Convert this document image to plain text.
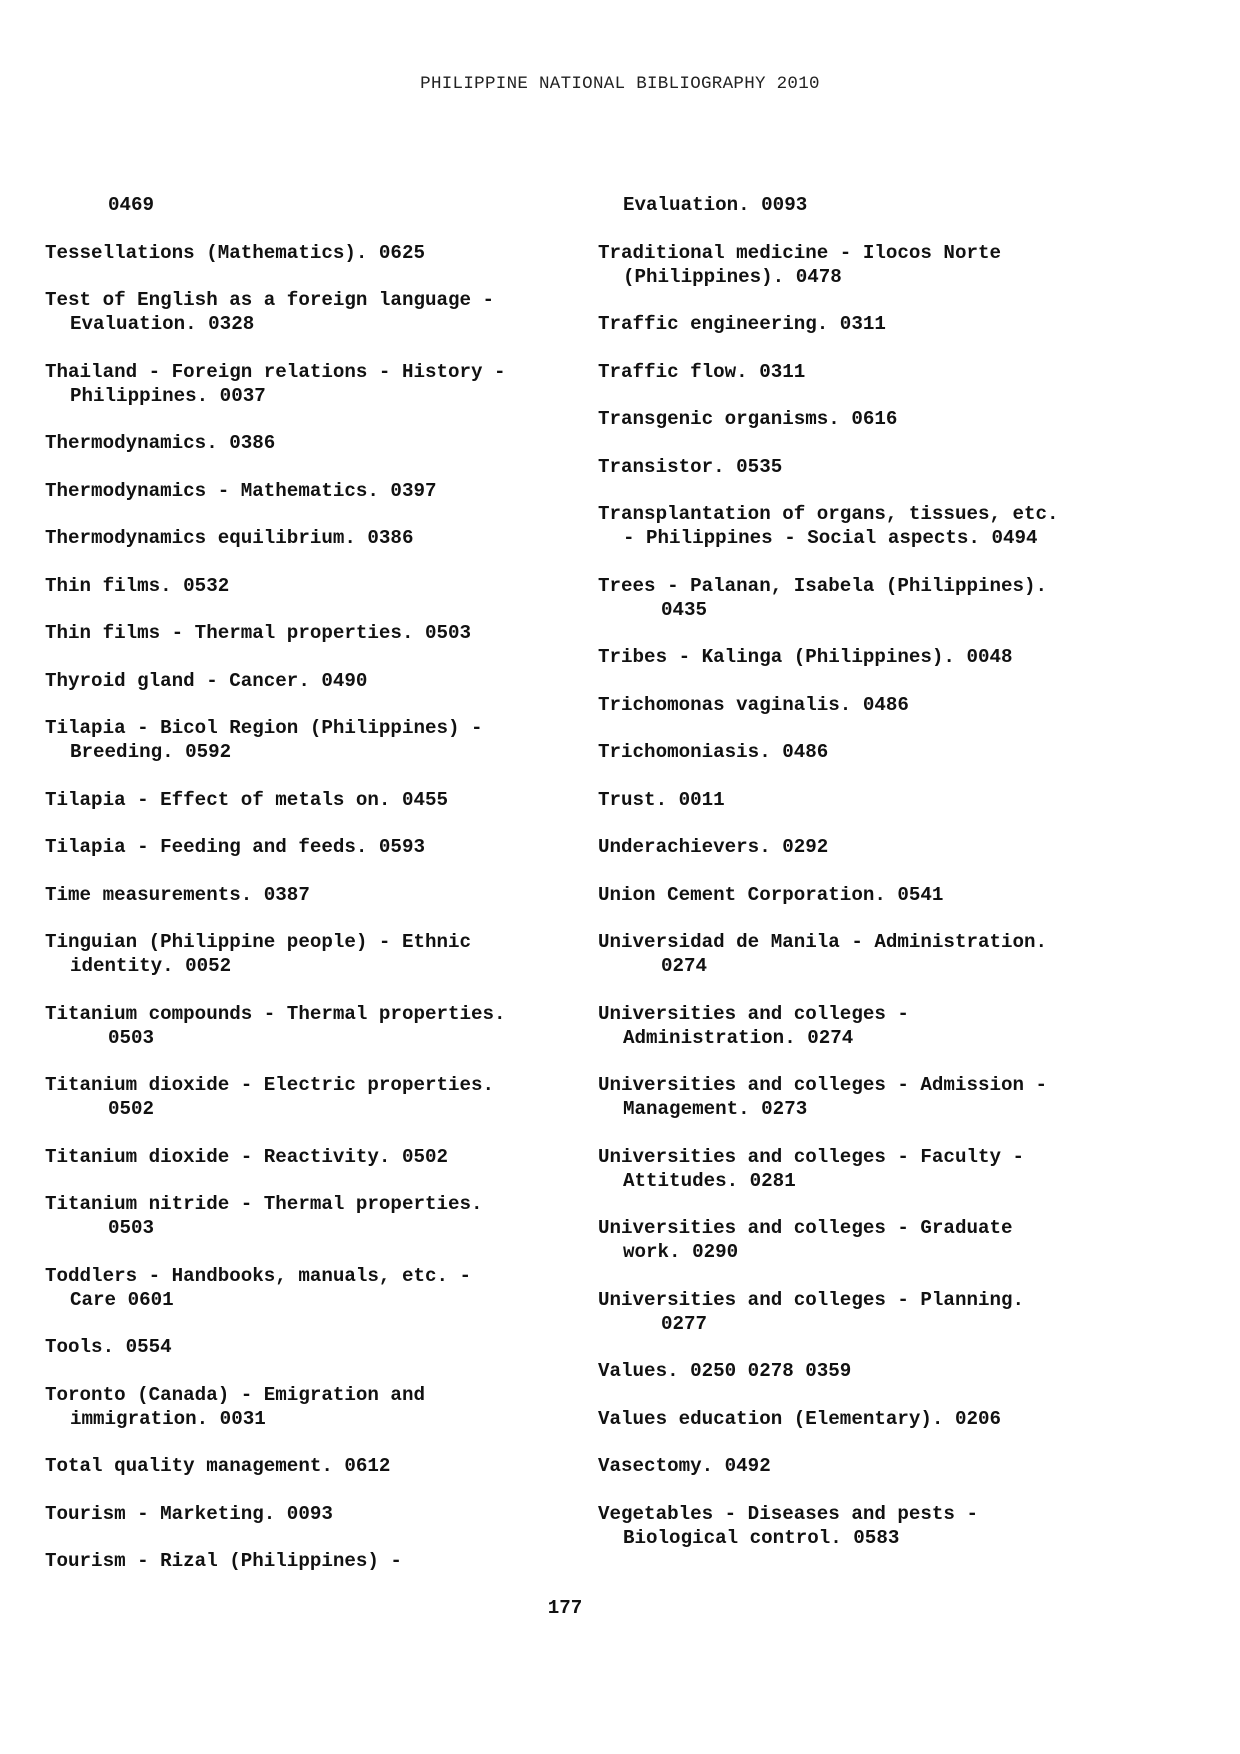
PHILIPPINE NATIONAL BIBLIOGRAPHY 2010
0469
Tessellations (Mathematics). 0625
Test of English as a foreign language -
Evaluation. 0328
Thailand - Foreign relations - History -
Philippines. 0037
Thermodynamics. 0386
Thermodynamics - Mathematics. 0397
Thermodynamics equilibrium. 0386
Thin films. 0532
Thin films - Thermal properties. 0503
Thyroid gland - Cancer. 0490
Tilapia - Bicol Region (Philippines) -
Breeding. 0592
Tilapia - Effect of metals on. 0455
Tilapia - Feeding and feeds. 0593
Time measurements. 0387
Tinguian (Philippine people) - Ethnic
identity. 0052
Titanium compounds - Thermal properties.
0503
Titanium dioxide - Electric properties.
0502
Titanium dioxide - Reactivity. 0502
Titanium nitride - Thermal properties.
0503
Toddlers - Handbooks, manuals, etc. -
Care 0601
Tools. 0554
Toronto (Canada) - Emigration and
immigration. 0031
Total quality management. 0612
Tourism - Marketing. 0093
Tourism - Rizal (Philippines) -
Evaluation. 0093
Traditional medicine - Ilocos Norte
(Philippines). 0478
Traffic engineering. 0311
Traffic flow. 0311
Transgenic organisms. 0616
Transistor. 0535
Transplantation of organs, tissues, etc.
- Philippines - Social aspects. 0494
Trees - Palanan, Isabela (Philippines).
0435
Tribes - Kalinga (Philippines). 0048
Trichomonas vaginalis. 0486
Trichomoniasis. 0486
Trust. 0011
Underachievers. 0292
Union Cement Corporation. 0541
Universidad de Manila - Administration.
0274
Universities and colleges -
Administration. 0274
Universities and colleges - Admission -
Management. 0273
Universities and colleges - Faculty -
Attitudes. 0281
Universities and colleges - Graduate
work. 0290
Universities and colleges - Planning.
0277
Values. 0250 0278 0359
Values education (Elementary). 0206
Vasectomy. 0492
Vegetables - Diseases and pests -
Biological control. 0583
177
